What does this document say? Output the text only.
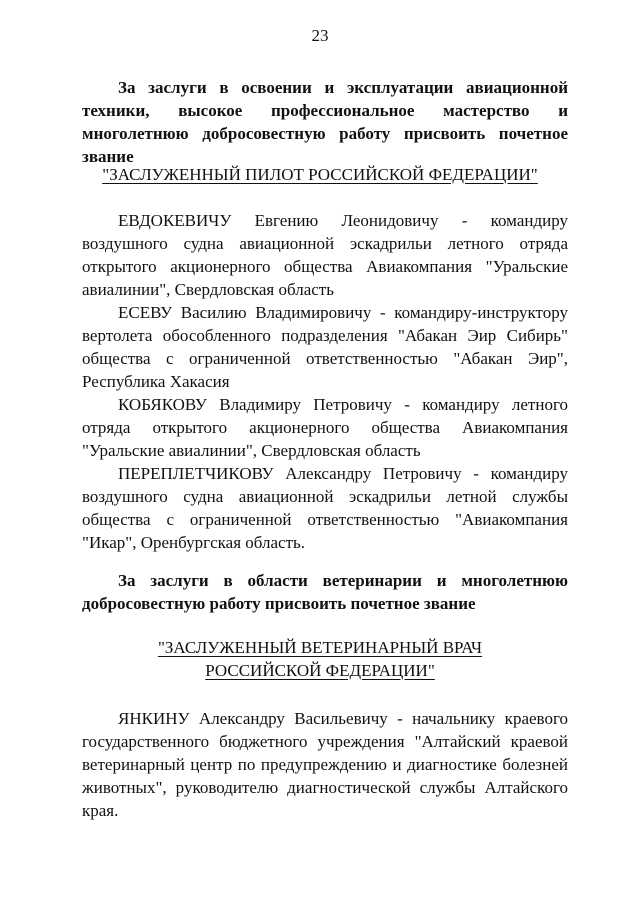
23
За заслуги в освоении и эксплуатации авиационной техники, высокое профессиональное мастерство и многолетнюю добросовестную работу присвоить почетное звание
"ЗАСЛУЖЕННЫЙ ПИЛОТ РОССИЙСКОЙ ФЕДЕРАЦИИ"

ЕВДОКЕВИЧУ Евгению Леонидовичу - командиру воздушного судна авиационной эскадрильи летного отряда открытого акционерного общества Авиакомпания "Уральские авиалинии", Свердловская область

ЕСЕВУ Василию Владимировичу - командиру-инструктору вертолета обособленного подразделения "Абакан Эир Сибирь" общества с ограниченной ответственностью "Абакан Эир", Республика Хакасия

КОБЯКОВУ Владимиру Петровичу - командиру летного отряда открытого акционерного общества Авиакомпания "Уральские авиалинии", Свердловская область

ПЕРЕПЛЕТЧИКОВУ Александру Петровичу - командиру воздушного судна авиационной эскадрильи летной службы общества с ограниченной ответственностью "Авиакомпания "Икар", Оренбургская область.

За заслуги в области ветеринарии и многолетнюю добросовестную работу присвоить почетное звание
"ЗАСЛУЖЕННЫЙ ВЕТЕРИНАРНЫЙ ВРАЧ
РОССИЙСКОЙ ФЕДЕРАЦИИ"

ЯНКИНУ Александру Васильевичу - начальнику краевого государственного бюджетного учреждения "Алтайский краевой ветеринарный центр по предупреждению и диагностике болезней животных", руководителю диагностической службы Алтайского края.
